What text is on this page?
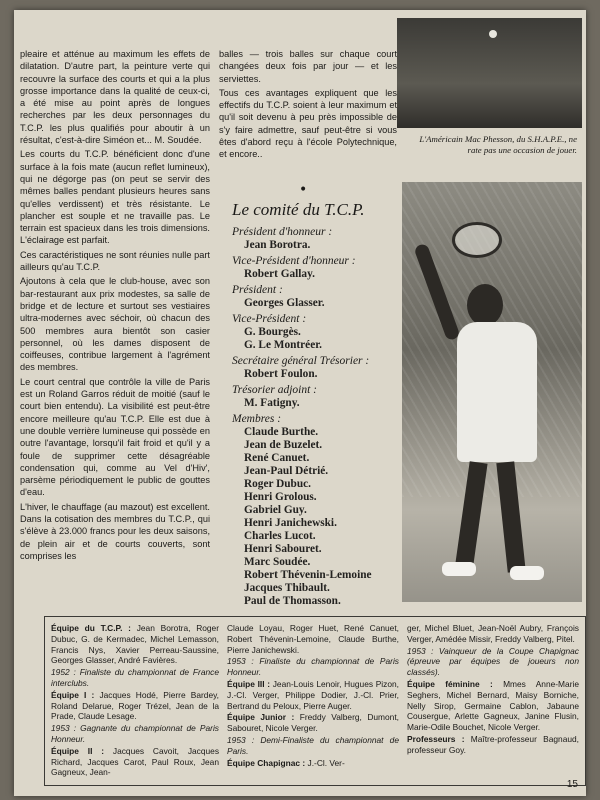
pleaire et atténue au maximum les effets de dilatation. D'autre part, la peinture verte qui recouvre la surface des courts et qui a la plus grosse importance dans la qualité de ceux-ci, a été mise au point après de longues recherches par les deux personnages du T.C.P. les plus qualifiés pour aboutir à un résultat, c'est-à-dire Siméon et... M. Soudée.

Les courts du T.C.P. bénéficient donc d'une surface à la fois mate (aucun reflet lumineux), qui ne dégorge pas (on peut se servir des mêmes balles pendant plusieurs heures sans qu'elles verdissent) et très résistante. Le plancher est souple et ne travaille pas. Le terrain est spacieux dans les trois dimensions. L'éclairage est parfait.

Ces caractéristiques ne sont réunies nulle part ailleurs qu'au T.C.P.

Ajoutons à cela que le club-house, avec son bar-restaurant aux prix modestes, sa salle de bridge et de lecture et surtout ses vestiaires ultra-modernes avec séchoir, où chacun des 500 membres aura bientôt son casier personnel, où les dames disposent de coiffeuses, contribue largement à l'agrément des membres.

Le court central que contrôle la ville de Paris est un Roland Garros réduit de moitié (sauf le court bien entendu). La visibilité est peut-être encore meilleure qu'au T.C.P. Elle est due à une double verrière lumineuse qui possède en outre l'avantage, lorsqu'il fait froid et qu'il y a foule de supprimer cette désagréable condensation qui, comme au Vel d'Hiv', parsème périodiquement le public de gouttes d'eau.

L'hiver, le chauffage (au mazout) est excellent. Dans la cotisation des membres du T.C.P., qui s'élève à 23.000 francs pour les deux saisons, de plein air et de courts couverts, sont comprises les

balles — trois balles sur chaque court changées deux fois par jour — et les serviettes.

Tous ces avantages expliquent que les effectifs du T.C.P. soient à leur maximum et qu'il soit devenu à peu près impossible de s'y faire admettre, sauf peut-être si vous êtes d'abord reçu à l'école Polytechnique, et encore..

•
Le comité du T.C.P.
Président d'honneur :
Jean Borotra.
Vice-Président d'honneur :
Robert Gallay.
Président :
Georges Glasser.
Vice-Président :
G. Bourgès.
G. Le Montréer.
Secrétaire général Trésorier :
Robert Foulon.
Trésorier adjoint :
M. Fatigny.
Membres :
Claude Burthe.
Jean de Buzelet.
René Canuet.
Jean-Paul Détrié.
Roger Dubuc.
Henri Grolous.
Gabriel Guy.
Henri Janichewski.
Charles Lucot.
Henri Sabouret.
Marc Soudée.
Robert Thévenin-Lemoine
Jacques Thibault.
Paul de Thomasson.
L'Américain Mac Phesson, du S.H.A.P.E., ne rate pas une occasion de jouer.

Équipe du T.C.P. : Jean Borotra, Roger Dubuc, G. de Kermadec, Michel Lemasson, Francis Nys, Xavier Perreau-Saussine, Georges Glasser, André Favières.

1952 : Finaliste du championnat de France interclubs.

Équipe I : Jacques Hodé, Pierre Bardey, Roland Delarue, Roger Trézel, Jean de la Prade, Claude Lesage.

1953 : Gagnante du championnat de Paris Honneur.

Équipe II : Jacques Cavoit, Jacques Richard, Jacques Carot, Paul Roux, Jean Gagneux, Jean-

Claude Loyau, Roger Huet, René Canuet, Robert Thévenin-Lemoine, Claude Burthe, Pierre Janichewski.

1953 : Finaliste du championnat de Paris Honneur.

Équipe III : Jean-Louis Lenoir, Hugues Pizon, J.-Cl. Verger, Philippe Dodier, J.-Cl. Prier, Bertrand du Peloux, Pierre Auger.

Équipe Junior : Freddy Valberg, Dumont, Sabouret, Nicole Verger.

1953 : Demi-Finaliste du championnat de Paris.

Équipe Chapignac : J.-Cl. Ver-

ger, Michel Bluet, Jean-Noël Aubry, François Verger, Amédée Missir, Freddy Valberg, Pitel.

1953 : Vainqueur de la Coupe Chapignac (épreuve par équipes de joueurs non classés).

Équipe féminine : Mmes Anne-Marie Seghers, Michel Bernard, Maisy Borniche, Nelly Sirop, Germaine Cablon, Jabaune Cousergue, Arlette Gagneux, Janine Flusin, Marie-Odile Bouchet, Nicole Verger.

Professeurs : Maître-professeur Bagnaud, professeur Goy.

15
